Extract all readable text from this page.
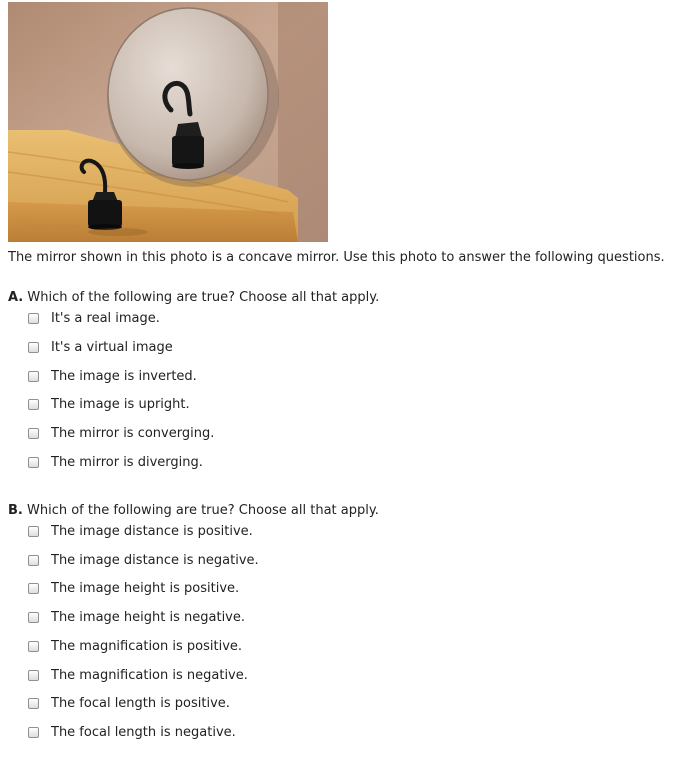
The mirror shown in this photo is a concave mirror. Use this photo to answer the following questions.
A. Which of the following are true? Choose all that apply.
It's a real image.
It's a virtual image
The image is inverted.
The image is upright.
The mirror is converging.
The mirror is diverging.
B. Which of the following are true? Choose all that apply.
The image distance is positive.
The image distance is negative.
The image height is positive.
The image height is negative.
The magnification is positive.
The magnification is negative.
The focal length is positive.
The focal length is negative.
